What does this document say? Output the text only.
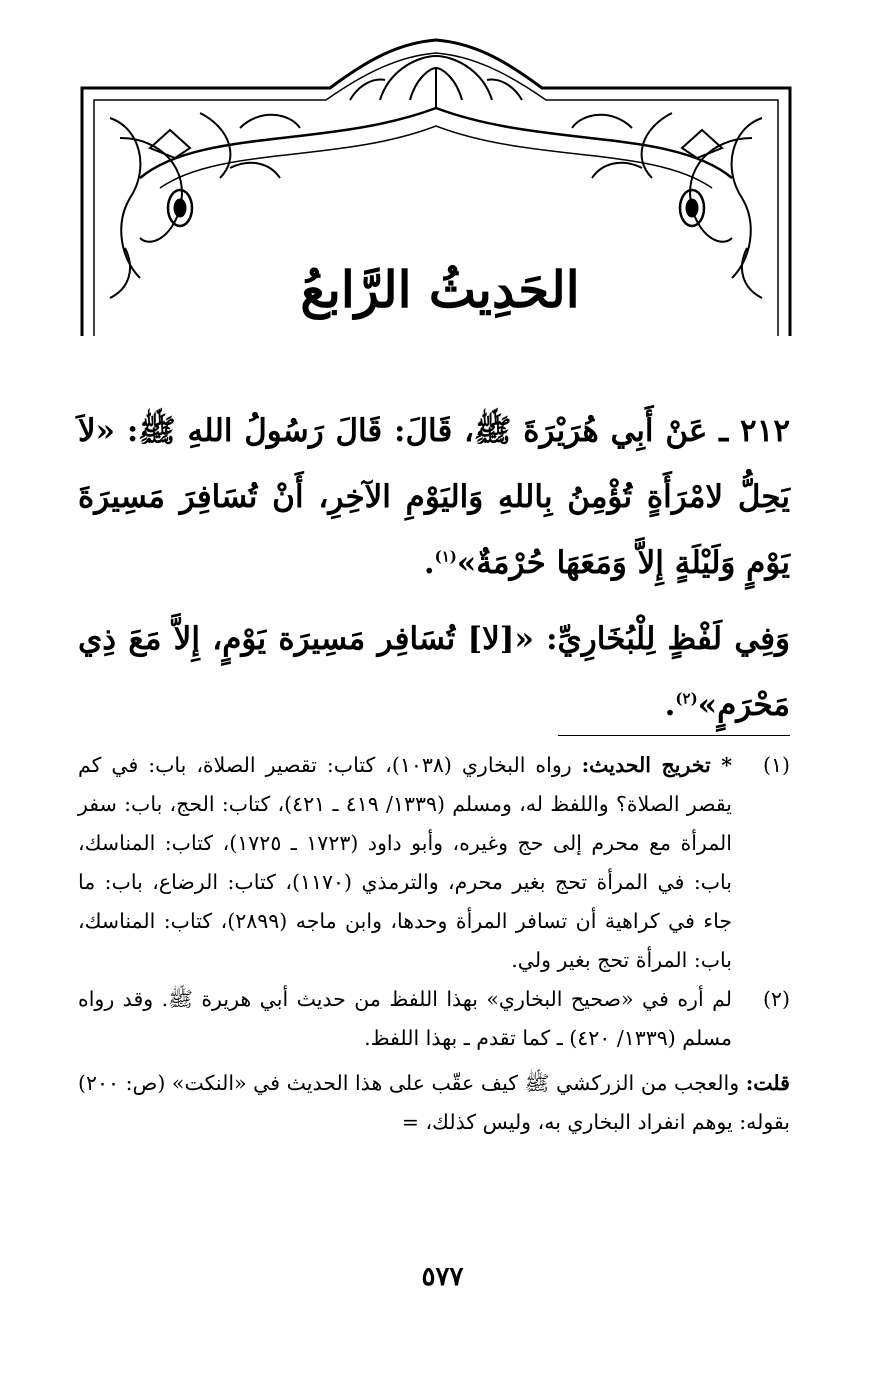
الحَدِيثُ الرَّابعُ

٢١٢ ـ عَنْ أَبِي هُرَيْرَةَ ﷺ، قَالَ: قَالَ رَسُولُ اللهِ ﷺ: «لاَ يَحِلُّ لامْرَأَةٍ تُؤْمِنُ بِاللهِ وَاليَوْمِ الآخِرِ، أَنْ تُسَافِرَ مَسِيرَةَ يَوْمٍ وَلَيْلَةٍ إِلاَّ وَمَعَهَا حُرْمَةٌ»$^{(١)}$.

وَفِي لَفْظٍ لِلْبُخَارِيِّ: «[لا] تُسَافِر مَسِيرَة يَوْمٍ، إِلاَّ مَعَ ذِي مَحْرَمٍ»$^{(٢)}$.

(١)
* تخريج الحديث: رواه البخاري (١٠٣٨)، كتاب: تقصير الصلاة، باب: في كم يقصر الصلاة؟ واللفظ له، ومسلم (١٣٣٩/ ٤١٩ ـ ٤٢١)، كتاب: الحج، باب: سفر المرأة مع محرم إلى حج وغيره، وأبو داود (١٧٢٣ ـ ١٧٢٥)، كتاب: المناسك، باب: في المرأة تحج بغير محرم، والترمذي (١١٧٠)، كتاب: الرضاع، باب: ما جاء في كراهية أن تسافر المرأة وحدها، وابن ماجه (٢٨٩٩)، كتاب: المناسك، باب: المرأة تحج بغير ولي.

(٢)
لم أره في «صحيح البخاري» بهذا اللفظ من حديث أبي هريرة ﷺ. وقد رواه مسلم (١٣٣٩/ ٤٢٠) ـ كما تقدم ـ بهذا اللفظ.

قلت: والعجب من الزركشي ﷺ كيف عقّب على هذا الحديث في «النكت» (ص: ٢٠٠) بقوله: يوهم انفراد البخاري به، وليس كذلك، =

٥٧٧
